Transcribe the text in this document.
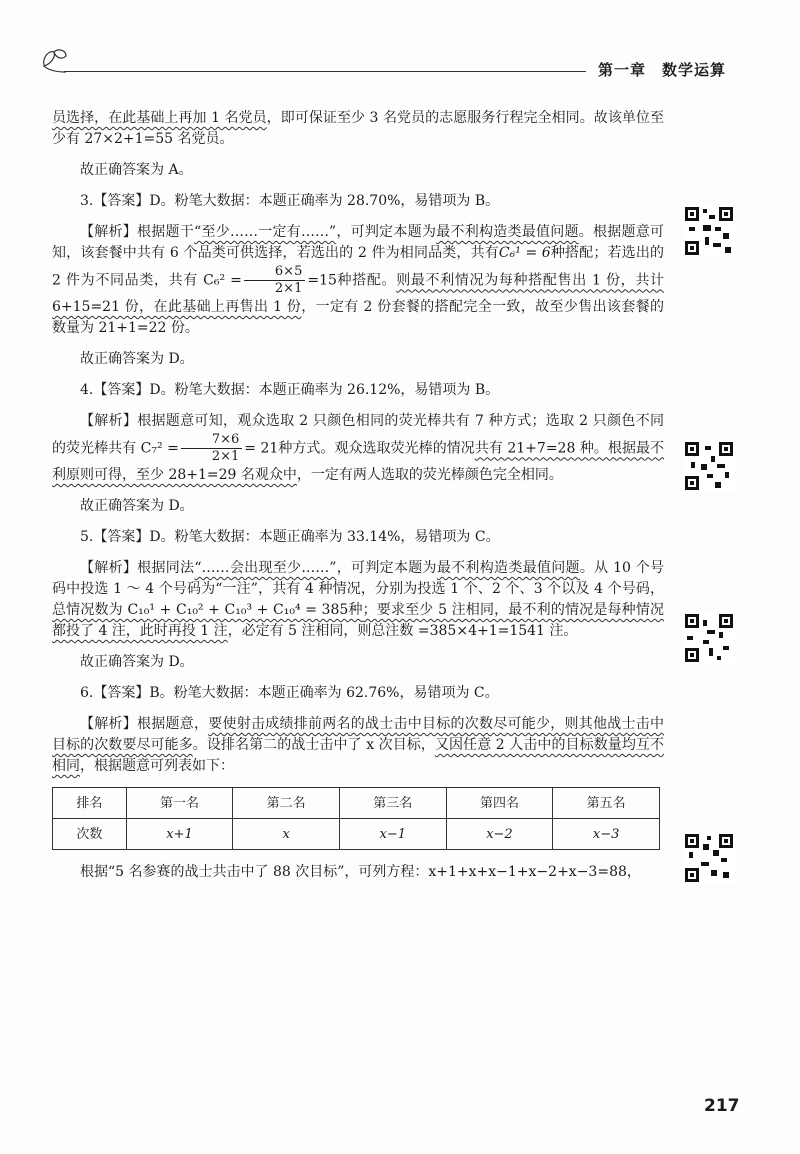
第一章　数学运算

员选择，在此基础上再加 1 名党员，即可保证至少 3 名党员的志愿服务行程完全相同。故该单位至少有 27×2+1=55 名党员。

故正确答案为 A。

3.【答案】D。粉笔大数据：本题正确率为 28.70%，易错项为 B。

【解析】根据题干“至少……一定有……”，可判定本题为最不利构造类最值问题。根据题意可知，该套餐中共有 6 个品类可供选择，若选出的 2 件为相同品类，共有C₆¹ = 6种搭配；若选出的 2 件为不同品类，共有 $C_6^2 = \frac{6\times 5}{2\times 1} =15$种搭配。则最不利情况为每种搭配售出 1 份，共计 6+15=21 份，在此基础上再售出 1 份，一定有 2 份套餐的搭配完全一致，故至少售出该套餐的数量为 21+1=22 份。

故正确答案为 D。

4.【答案】D。粉笔大数据：本题正确率为 26.12%，易错项为 B。

【解析】根据题意可知，观众选取 2 只颜色相同的荧光棒共有 7 种方式；选取 2 只颜色不同的荧光棒共有 $C_7^2 = \frac{7\times 6}{2\times 1} = 21$种方式。观众选取荧光棒的情况共有 21+7=28 种。根据最不利原则可得，至少 28+1=29 名观众中，一定有两人选取的荧光棒颜色完全相同。

故正确答案为 D。

5.【答案】D。粉笔大数据：本题正确率为 33.14%，易错项为 C。

【解析】根据同法“……会出现至少……”，可判定本题为最不利构造类最值问题。从 10 个号码中投选 1 ～ 4 个号码为“一注”，共有 4 种情况，分别为投选 1 个、2 个、3 个以及 4 个号码，总情况数为 C₁₀¹ + C₁₀² + C₁₀³ + C₁₀⁴ = 385种；要求至少 5 注相同，最不利的情况是每种情况都投了 4 注，此时再投 1 注，必定有 5 注相同，则总注数 =385×4+1=1541 注。

故正确答案为 D。

6.【答案】B。粉笔大数据：本题正确率为 62.76%，易错项为 C。

【解析】根据题意，要使射击成绩排前两名的战士击中目标的次数尽可能少，则其他战士击中目标的次数要尽可能多。设排名第二的战士击中了 x 次目标，又因任意 2 人击中的目标数量均互不相同，根据题意可列表如下：

排名	第一名	第二名	第三名	第四名	第五名
次数	x+1	x	x−1	x−2	x−3

根据“5 名参赛的战士共击中了 88 次目标”，可列方程：x+1+x+x−1+x−2+x−3=88，

217
